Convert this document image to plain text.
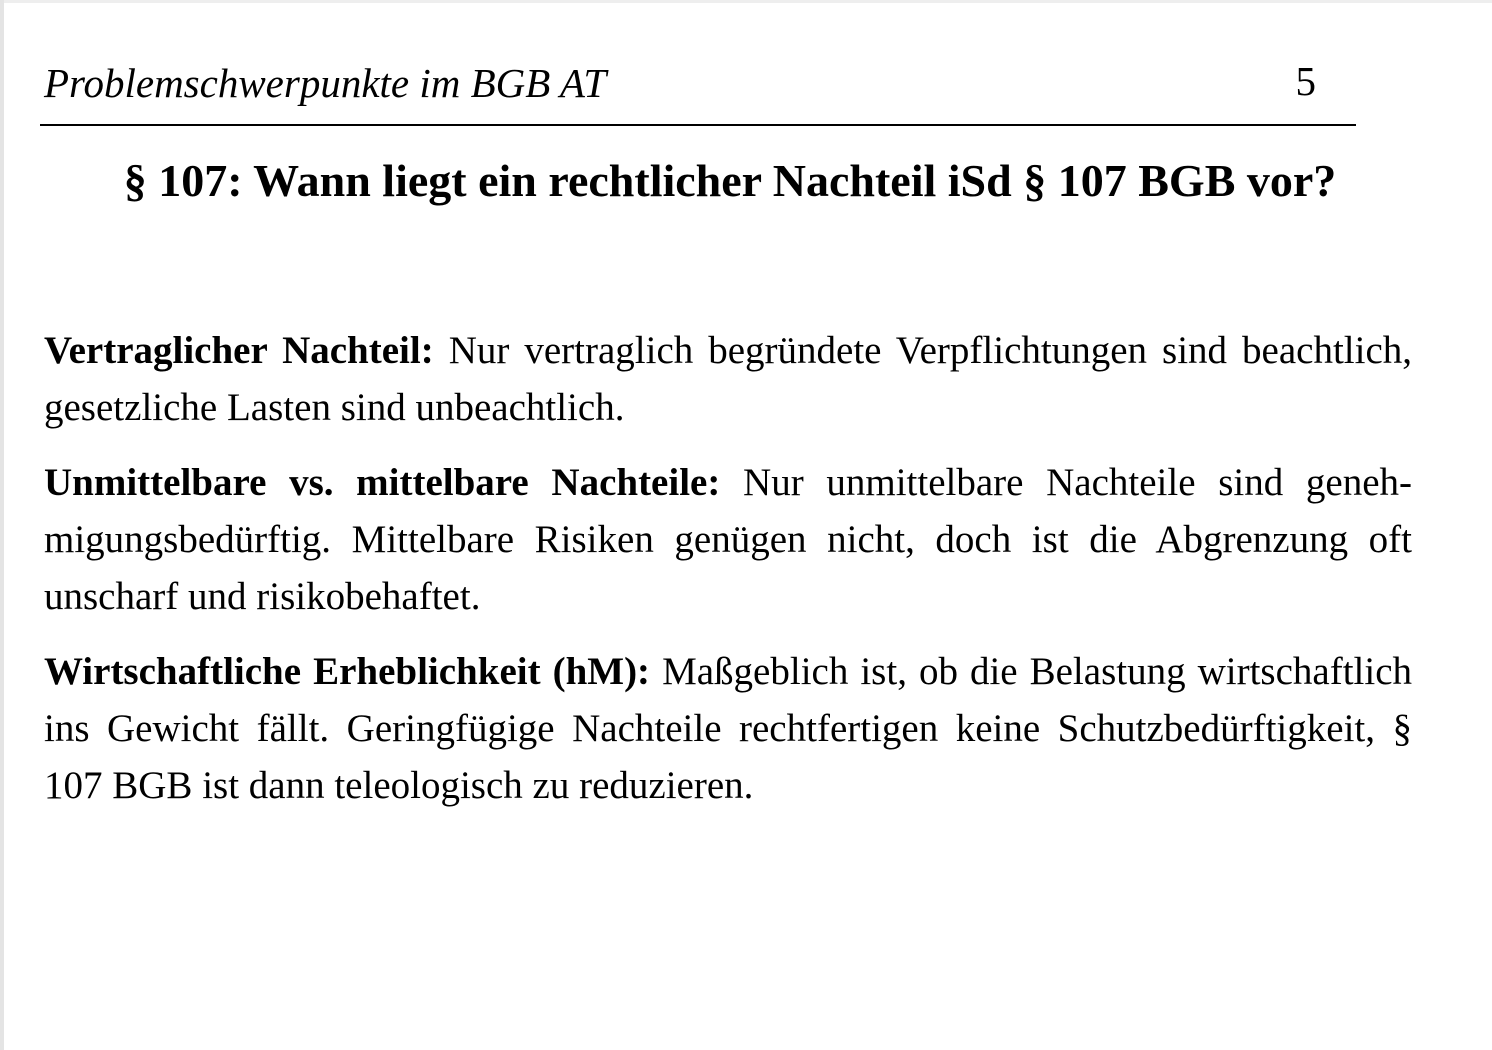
Problemschwerpunkte im BGB AT	5
§ 107: Wann liegt ein rechtlicher Nachteil iSd § 107 BGB vor?

Vertraglicher Nachteil: Nur vertraglich begründete Verpflichtungen sind beachtlich, gesetzliche Lasten sind unbeachtlich.

Unmittelbare vs. mittelbare Nachteile: Nur unmittelbare Nachteile sind genehmigungsbedürftig. Mittelbare Risiken genügen nicht, doch ist die Abgrenzung oft unscharf und risikobehaftet.

Wirtschaftliche Erheblichkeit (hM): Maßgeblich ist, ob die Belastung wirtschaftlich ins Gewicht fällt. Geringfügige Nachteile rechtfertigen keine Schutzbedürftigkeit, § 107 BGB ist dann teleologisch zu reduzieren.
